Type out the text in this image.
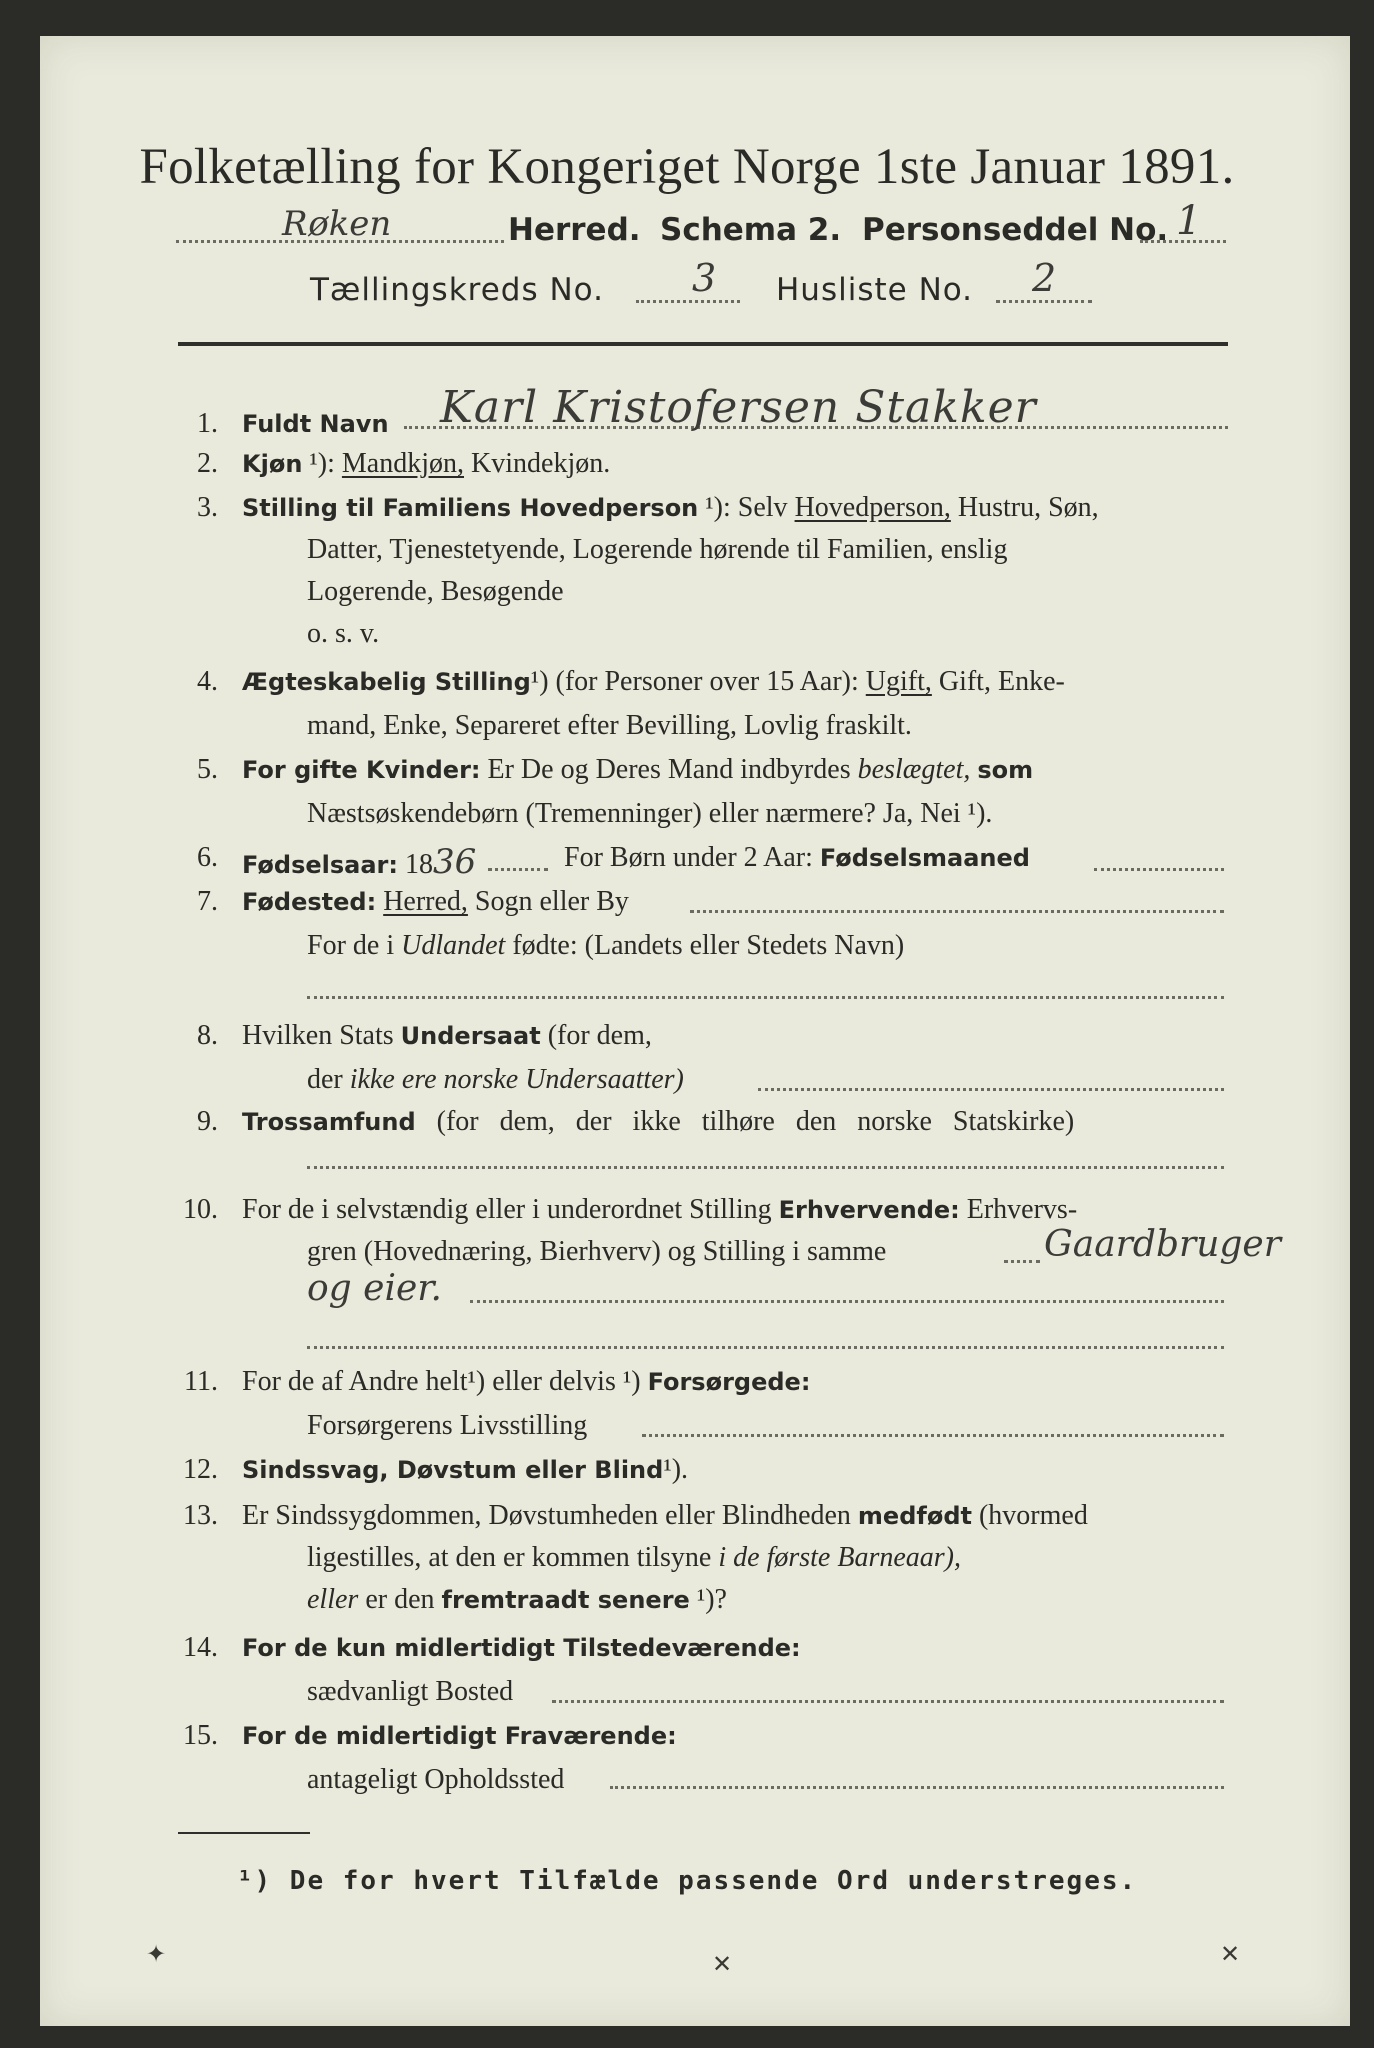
Folketælling for Kongeriget Norge 1ste Januar 1891.
Røken	Herred. Schema 2. Personseddel No. 1
Tællingskreds No. 3 Husliste No. 2
1. Fuldt Navn Karl Kristofersen Stakker
2. Kjøn ¹): Mandkjøn, Kvindekjøn.
3. Stilling til Familiens Hovedperson ¹): Selv Hovedperson, Hustru, Søn,
Datter, Tjenestetyende, Logerende hørende til Familien, enslig
Logerende, Besøgende
o. s. v.
4. Ægteskabelig Stilling¹) (for Personer over 15 Aar): Ugift, Gift, Enke-
mand, Enke, Separeret efter Bevilling, Lovlig fraskilt.
5. For gifte Kvinder: Er De og Deres Mand indbyrdes beslægtet, som
Næstsøskendebørn (Tremenninger) eller nærmere? Ja, Nei ¹).
6. Fødselsaar: 1836	For Børn under 2 Aar: Fødselsmaaned
7. Fødested: Herred, Sogn eller By
For de i Udlandet fødte: (Landets eller Stedets Navn)
8. Hvilken Stats Undersaat (for dem,
der ikke ere norske Undersaatter)
9. Trossamfund (for dem, der ikke tilhøre den norske Statskirke)
10. For de i selvstændig eller i underordnet Stilling Erhvervende: Erhvervs-
gren (Hovednæring, Bierhverv) og Stilling i samme	Gaardbruger
og eier.
11. For de af Andre helt¹) eller delvis ¹) Forsørgede:
Forsørgerens Livsstilling
12. Sindssvag, Døvstum eller Blind¹).
13. Er Sindssygdommen, Døvstumheden eller Blindheden medfødt (hvormed
ligestilles, at den er kommen tilsyne i de første Barneaar),
eller er den fremtraadt senere ¹)?
14. For de kun midlertidigt Tilstedeværende:
sædvanligt Bosted
15. For de midlertidigt Fraværende:
antageligt Opholdssted
¹) De for hvert Tilfælde passende Ord understreges.
✦	✕	✕
